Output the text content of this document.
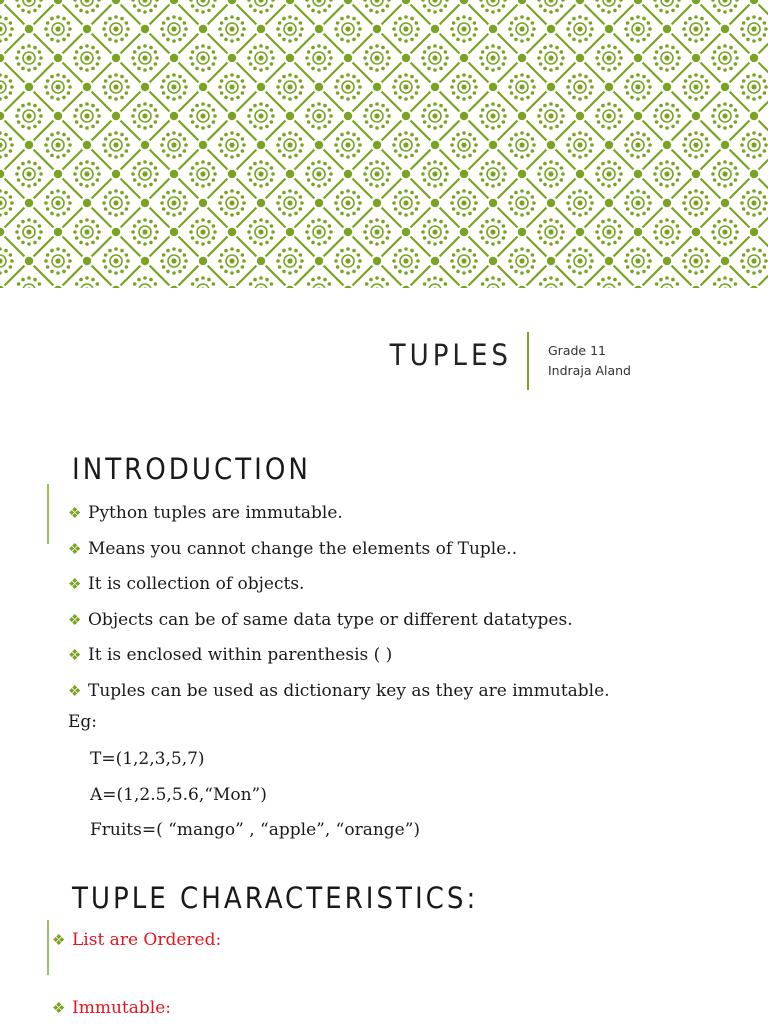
TUPLES	Grade 11
Indraja Aland
INTRODUCTION
❖ Python tuples are immutable.
❖ Means you cannot change the elements of Tuple..
❖ It is collection of objects.
❖ Objects can be of same data type or different datatypes.
❖ It is enclosed within parenthesis ( )
❖ Tuples can be used as dictionary key as they are immutable.
Eg:
T=(1,2,3,5,7)
A=(1,2.5,5.6,“Mon”)
Fruits=( “mango” , “apple”, “orange”)
TUPLE CHARACTERISTICS:
❖ List are Ordered:
❖ Immutable:
